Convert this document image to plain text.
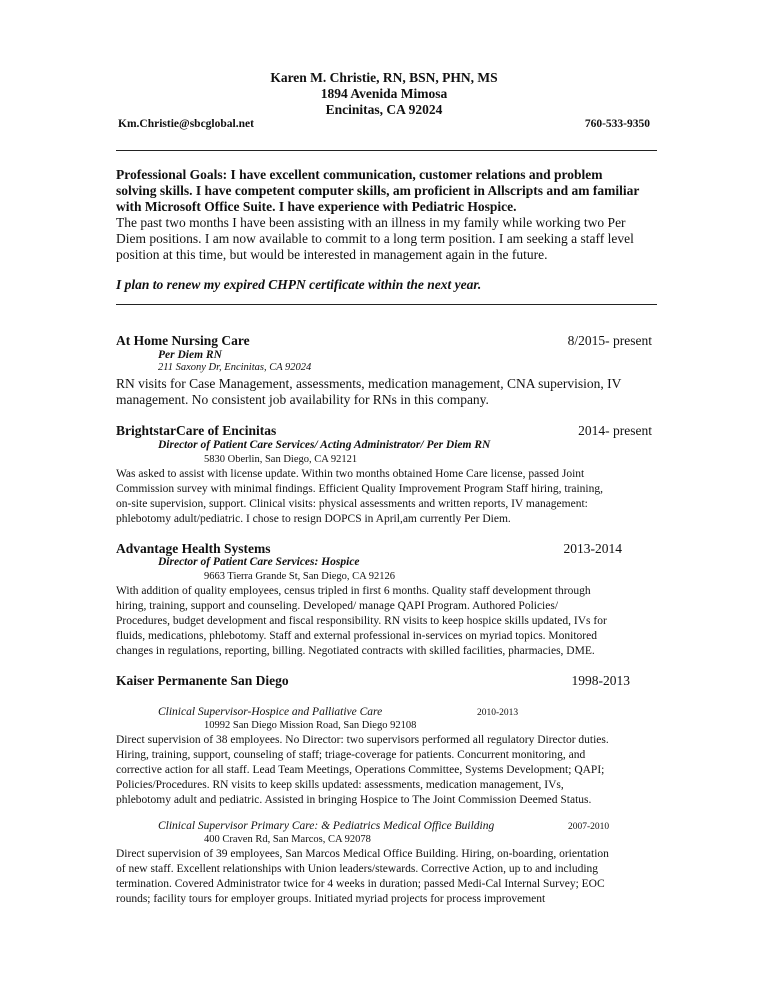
Karen M. Christie, RN, BSN, PHN, MS
1894 Avenida Mimosa
Encinitas, CA 92024
Km.Christie@sbcglobal.net	760-533-9350
Professional Goals: I have excellent communication, customer relations and problem
solving skills. I have competent computer skills, am proficient in Allscripts and am familiar
with Microsoft Office Suite. I have experience with Pediatric Hospice.
The past two months I have been assisting with an illness in my family while working two Per
Diem positions. I am now available to commit to a long term position. I am seeking a staff level
position at this time, but would be interested in management again in the future.
I plan to renew my expired CHPN certificate within the next year.
At Home Nursing Care	8/2015- present
Per Diem RN
211 Saxony Dr, Encinitas, CA 92024
RN visits for Case Management, assessments, medication management, CNA supervision, IV
management. No consistent job availability for RNs in this company.
BrightstarCare of Encinitas	2014- present
Director of Patient Care Services/ Acting Administrator/ Per Diem RN
5830 Oberlin, San Diego, CA 92121
Was asked to assist with license update. Within two months obtained Home Care license, passed Joint
Commission survey with minimal findings. Efficient Quality Improvement Program Staff hiring, training,
on-site supervision, support. Clinical visits: physical assessments and written reports, IV management:
phlebotomy adult/pediatric. I chose to resign DOPCS in April,am currently Per Diem.
Advantage Health Systems	2013-2014
Director of Patient Care Services: Hospice
9663 Tierra Grande St, San Diego, CA 92126
With addition of quality employees, census tripled in first 6 months. Quality staff development through
hiring, training, support and counseling. Developed/ manage QAPI Program. Authored Policies/
Procedures, budget development and fiscal responsibility. RN visits to keep hospice skills updated, IVs for
fluids, medications, phlebotomy. Staff and external professional in-services on myriad topics. Monitored
changes in regulations, reporting, billing. Negotiated contracts with skilled facilities, pharmacies, DME.
Kaiser Permanente San Diego	1998-2013
Clinical Supervisor-Hospice and Palliative Care	2010-2013
10992 San Diego Mission Road, San Diego 92108
Direct supervision of 38 employees. No Director: two supervisors performed all regulatory Director duties.
Hiring, training, support, counseling of staff; triage-coverage for patients. Concurrent monitoring, and
corrective action for all staff. Lead Team Meetings, Operations Committee, Systems Development; QAPI;
Policies/Procedures. RN visits to keep skills updated: assessments, medication management, IVs,
phlebotomy adult and pediatric. Assisted in bringing Hospice to The Joint Commission Deemed Status.
Clinical Supervisor Primary Care: & Pediatrics Medical Office Building	2007-2010
400 Craven Rd, San Marcos, CA 92078
Direct supervision of 39 employees, San Marcos Medical Office Building. Hiring, on-boarding, orientation
of new staff. Excellent relationships with Union leaders/stewards. Corrective Action, up to and including
termination. Covered Administrator twice for 4 weeks in duration; passed Medi-Cal Internal Survey; EOC
rounds; facility tours for employer groups. Initiated myriad projects for process improvement
